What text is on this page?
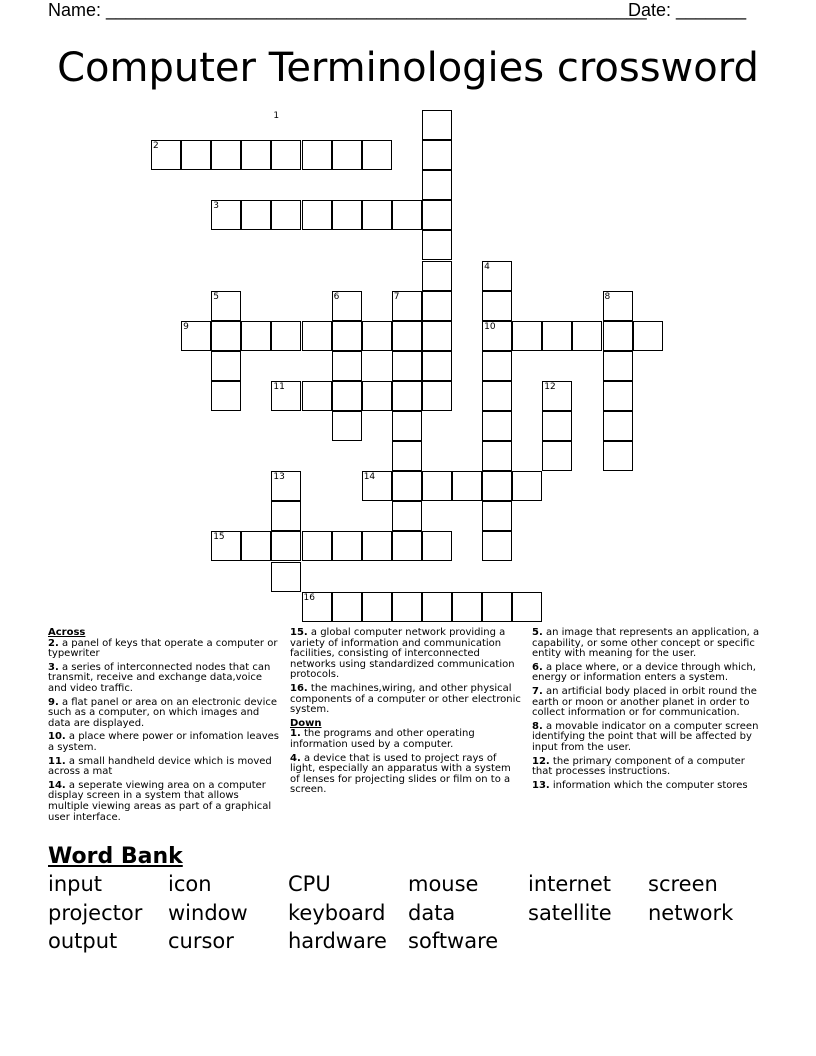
Name: ______________________________________________________
Date: _______
Computer Terminologies crossword
1
2
3
4
5	6	7	8
9	10
11	12
13	14
15
16
Across
2. a panel of keys that operate a computer or typewriter
3. a series of interconnected nodes that can transmit, receive and exchange data,voice and video traffic.
9. a flat panel or area on an electronic device such as a computer, on which images and data are displayed.
10. a place where power or infomation leaves a system.
11. a small handheld device which is moved across a mat
14. a seperate viewing area on a computer display screen in a system that allows multiple viewing areas as part of a graphical user interface.
15. a global computer network providing a variety of information and communication facilities, consisting of interconnected networks using standardized communication protocols.
16. the machines,wiring, and other physical components of a computer or other electronic system.
Down
1. the programs and other operating information used by a computer.
4. a device that is used to project rays of light, especially an apparatus with a system of lenses for projecting slides or film on to a screen.
5. an image that represents an application, a capability, or some other concept or specific entity with meaning for the user.
6. a place where, or a device through which, energy or information enters a system.
7. an artificial body placed in orbit round the earth or moon or another planet in order to collect information or for communication.
8. a movable indicator on a computer screen identifying the point that will be affected by input from the user.
12. the primary component of a computer that processes instructions.
13. information which the computer stores
Word Bank
input	icon	CPU	mouse	internet	screen
projector	window	keyboard	data	satellite	network
output	cursor	hardware	software
